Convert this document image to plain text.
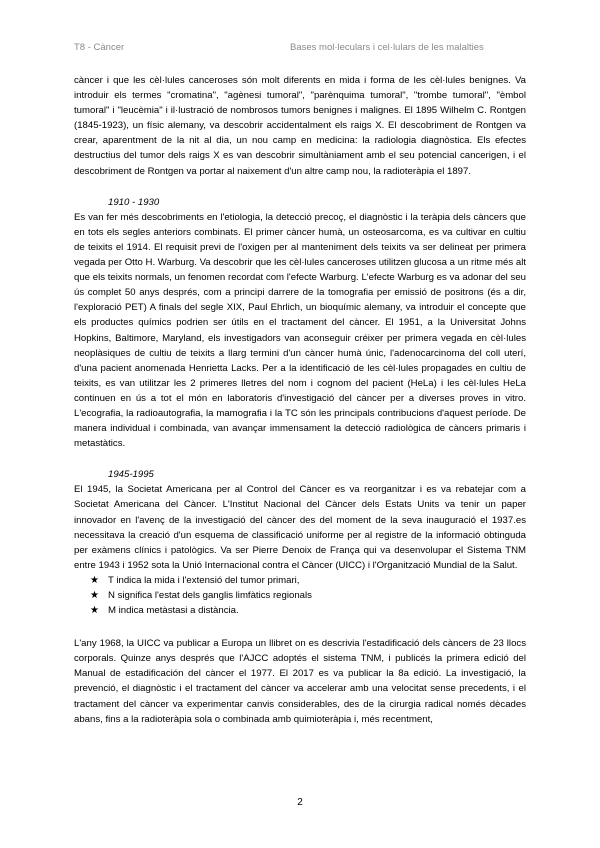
T8 - Càncer	Bases mol·leculars i cel·lulars de les malalties

càncer i que les cèl·lules canceroses són molt diferents en mida i forma de les cèl·lules benignes. Va introduir els termes "cromatina", "agènesi tumoral", "parènquima tumoral", "trombe tumoral", "èmbol tumoral" i "leucèmia" i il·lustració de nombrosos tumors benignes i malignes. El 1895 Wilhelm C. Rontgen (1845-1923), un físic alemany, va descobrir accidentalment els raigs X. El descobriment de Rontgen va crear, aparentment de la nit al dia, un nou camp en medicina: la radiologia diagnòstica. Els efectes destructius del tumor dels raigs X es van descobrir simultàniament amb el seu potencial cancerigen, i el descobriment de Rontgen va portar al naixement d'un altre camp nou, la radioteràpia el 1897.

1910 - 1930

Es van fer més descobriments en l'etiologia, la detecció precoç, el diagnòstic i la teràpia dels càncers que en tots els segles anteriors combinats. El primer càncer humà, un osteosarcoma, es va cultivar en cultiu de teixits el 1914. El requisit previ de l'oxigen per al manteniment dels teixits va ser delineat per primera vegada per Otto H. Warburg. Va descobrir que les cèl·lules canceroses utilitzen glucosa a un ritme més alt que els teixits normals, un fenomen recordat com l'efecte Warburg. L'efecte Warburg es va adonar del seu ús complet 50 anys després, com a principi darrere de la tomografia per emissió de positrons (és a dir, l'exploració PET) A finals del segle XIX, Paul Ehrlich, un bioquímic alemany, va introduir el concepte que els productes químics podrien ser útils en el tractament del càncer. El 1951, a la Universitat Johns Hopkins, Baltimore, Maryland, els investigadors van aconseguir créixer per primera vegada en cèl·lules neoplàsiques de cultiu de teixits a llarg termini d'un càncer humà únic, l'adenocarcinoma del coll uterí, d'una pacient anomenada Henrietta Lacks. Per a la identificació de les cèl·lules propagades en cultiu de teixits, es van utilitzar les 2 primeres lletres del nom i cognom del pacient (HeLa) i les cèl·lules HeLa continuen en ús a tot el món en laboratoris d'investigació del càncer per a diverses proves in vitro. L'ecografia, la radioautografia, la mamografia i la TC són les principals contribucions d'aquest període. De manera individual i combinada, van avançar immensament la detecció radiològica de càncers primaris i metastàtics.

1945-1995

El 1945, la Societat Americana per al Control del Càncer es va reorganitzar i es va rebatejar com a Societat Americana del Càncer. L'Institut Nacional del Càncer dels Estats Units va tenir un paper innovador en l'avenç de la investigació del càncer des del moment de la seva inauguració el 1937.es necessitava la creació d'un esquema de classificació uniforme per al registre de la informació obtinguda per exàmens clínics i patològics. Va ser Pierre Denoix de França qui va desenvolupar el Sistema TNM entre 1943 i 1952 sota la Unió Internacional contra el Càncer (UICC) i l'Organització Mundial de la Salut.

★ T indica la mida i l'extensió del tumor primari,
★ N significa l'estat dels ganglis limfàtics regionals
★ M indica metàstasi a distància.

L'any 1968, la UICC va publicar a Europa un llibret on es descrivia l'estadificació dels càncers de 23 llocs corporals. Quinze anys després que l'AJCC adoptés el sistema TNM, i publicés la primera edició del Manual de estadificación del càncer el 1977. El 2017 es va publicar la 8a edició. La investigació, la prevenció, el diagnòstic i el tractament del càncer va accelerar amb una velocitat sense precedents, i el tractament del càncer va experimentar canvis considerables, des de la cirurgia radical només dècades abans, fins a la radioteràpia sola o combinada amb quimioteràpia i, més recentment,

2
